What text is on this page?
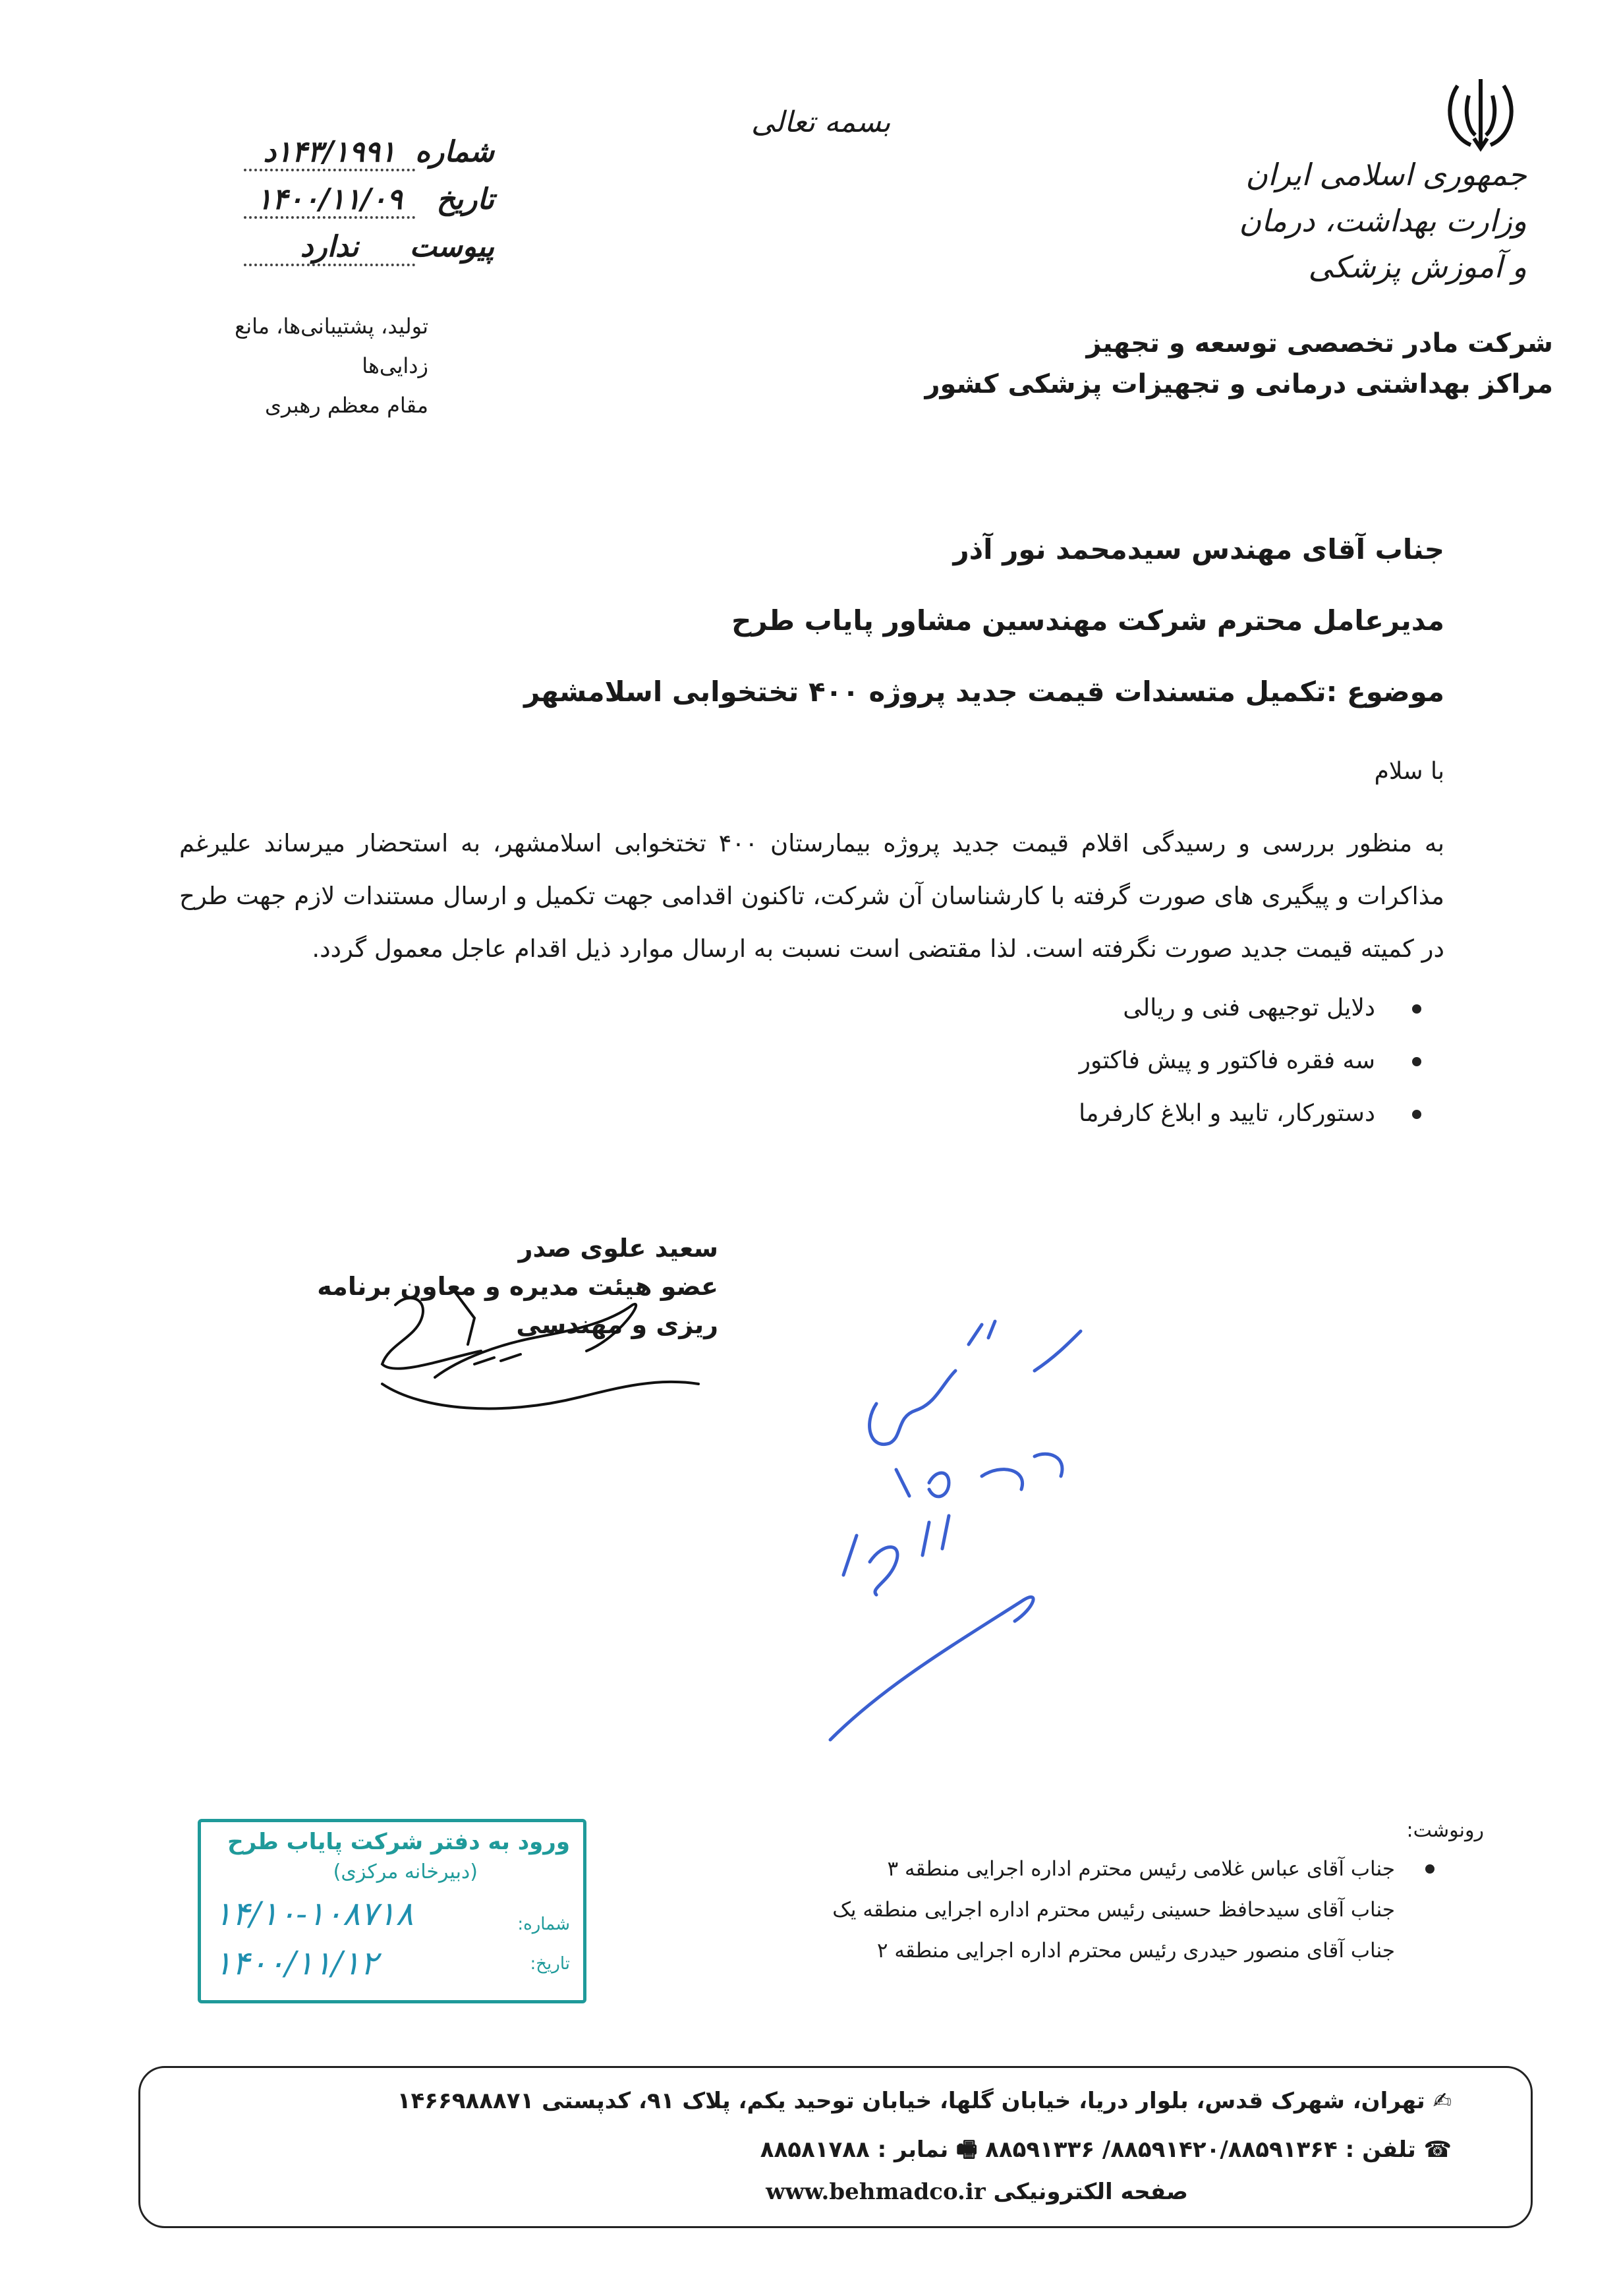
جمهوری اسلامی ایران
وزارت بهداشت، درمان و آموزش پزشکی
شرکت مادر تخصصی توسعه و تجهیز
مراکز بهداشتی درمانی و تجهیزات پزشکی کشور
بسمه تعالی
شماره
۱۴۳/۱۹۹۱د
تاریخ
۱۴۰۰/۱۱/۰۹
پیوست
ندارد
تولید، پشتیبانی‌ها، مانع زدایی‌ها
مقام معظم رهبری
جناب آقای مهندس سیدمحمد نور آذر
مدیرعامل محترم شرکت مهندسین مشاور پایاب طرح
موضوع :تکمیل متسندات قیمت جدید پروژه ۴۰۰ تختخوابی اسلامشهر
با سلام
به منظور بررسی و رسیدگی اقلام قیمت جدید پروژه بیمارستان ۴۰۰ تختخوابی اسلامشهر، به استحضار میرساند علیرغم مذاکرات و پیگیری های صورت گرفته با کارشناسان آن شرکت، تاکنون اقدامی جهت تکمیل و ارسال مستندات لازم جهت طرح در کمیته قیمت جدید صورت نگرفته است. لذا مقتضی است نسبت به ارسال موارد ذیل اقدام عاجل معمول گردد.
دلایل توجیهی فنی و ریالی
سه فقره فاکتور و پیش فاکتور
دستورکار، تایید و ابلاغ کارفرما
سعید علوی صدر
عضو هیئت مدیره و معاون برنامه ریزی و مهندسی	بررسی۱۲/۱۱/۰۰
ورود به دفتر شرکت پایاب طرح
(دبیرخانه مرکزی)
شماره:
تاریخ:
۱۴/۱۰-۱۰۸۷۱۸
۱۴۰۰/۱۱/۱۲
رونوشت:
جناب آقای عباس غلامی رئیس محترم اداره اجرایی منطقه ۳
جناب آقای سیدحافظ حسینی رئیس محترم اداره اجرایی منطقه یک
جناب آقای منصور حیدری رئیس محترم اداره اجرایی منطقه ۲
✍ تهران، شهرک قدس، بلوار دریا، خیابان گلها، خیابان توحید یکم، پلاک ۹۱، کدپستی ۱۴۶۶۹۸۸۸۷۱
☎ تلفن : ۸۸۵۹۱۴۲۰/۸۸۵۹۱۳۶۴/ ۸۸۵۹۱۳۳۶ 🖷 نمابر : ۸۸۵۸۱۷۸۸
صفحه الکترونیکی www.behmadco.ir
